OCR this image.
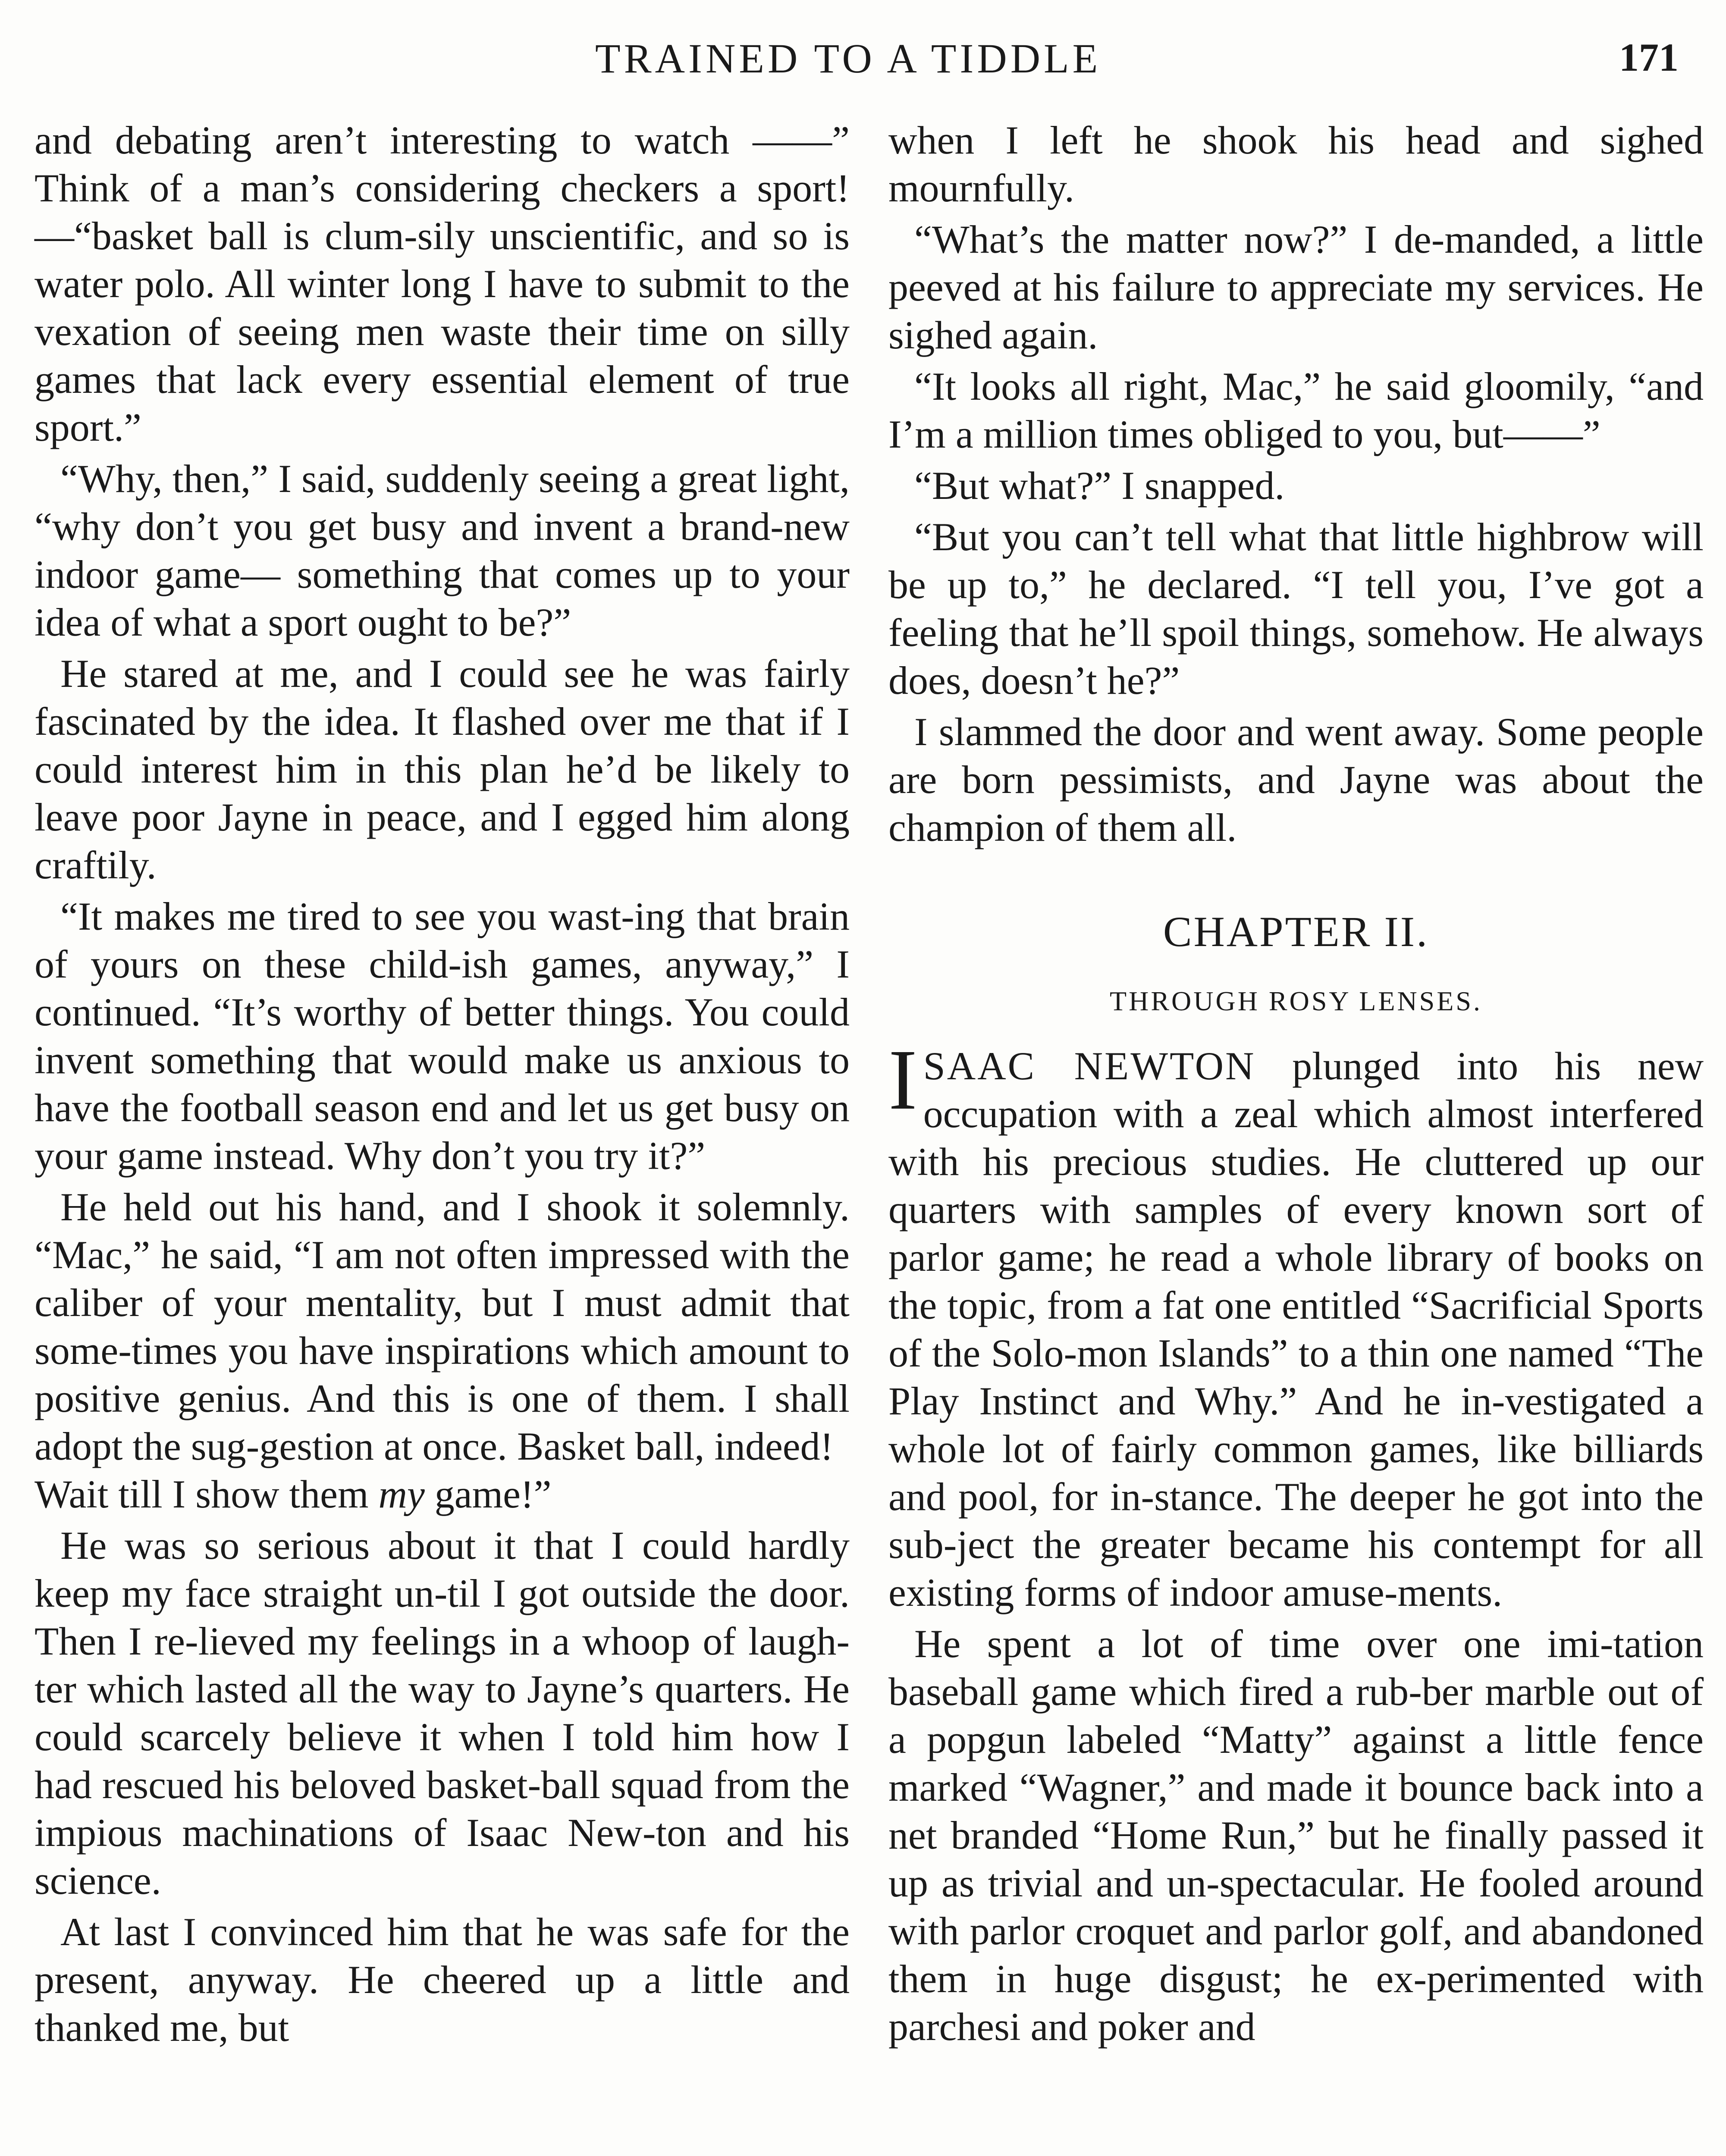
TRAINED TO A TIDDLE	171

and debating aren’t interesting to watch ——” Think of a man’s considering checkers a sport!—“basket ball is clum-sily unscientific, and so is water polo. All winter long I have to submit to the vexation of seeing men waste their time on silly games that lack every essential element of true sport.”

“Why, then,” I said, suddenly seeing a great light, “why don’t you get busy and invent a brand-new indoor game— something that comes up to your idea of what a sport ought to be?”

He stared at me, and I could see he was fairly fascinated by the idea. It flashed over me that if I could interest him in this plan he’d be likely to leave poor Jayne in peace, and I egged him along craftily.

“It makes me tired to see you wast-ing that brain of yours on these child-ish games, anyway,” I continued. “It’s worthy of better things. You could invent something that would make us anxious to have the football season end and let us get busy on your game instead. Why don’t you try it?”

He held out his hand, and I shook it solemnly. “Mac,” he said, “I am not often impressed with the caliber of your mentality, but I must admit that some-times you have inspirations which amount to positive genius. And this is one of them. I shall adopt the sug-gestion at once. Basket ball, indeed!

Wait till I show them my game!”

He was so serious about it that I could hardly keep my face straight un-til I got outside the door. Then I re-lieved my feelings in a whoop of laugh-ter which lasted all the way to Jayne’s quarters. He could scarcely believe it when I told him how I had rescued his beloved basket-ball squad from the impious machinations of Isaac New-ton and his science.

At last I convinced him that he was safe for the present, anyway. He cheered up a little and thanked me, but

when I left he shook his head and sighed mournfully.

“What’s the matter now?” I de-manded, a little peeved at his failure to appreciate my services. He sighed again.

“It looks all right, Mac,” he said gloomily, “and I’m a million times obliged to you, but——”

“But what?” I snapped.

“But you can’t tell what that little highbrow will be up to,” he declared. “I tell you, I’ve got a feeling that he’ll spoil things, somehow. He always does, doesn’t he?”

I slammed the door and went away. Some people are born pessimists, and Jayne was about the champion of them all.

CHAPTER II.
THROUGH ROSY LENSES.

ISAAC NEWTON plunged into his new occupation with a zeal which almost interfered with his precious studies. He cluttered up our quarters with samples of every known sort of parlor game; he read a whole library of books on the topic, from a fat one entitled “Sacrificial Sports of the Solo-mon Islands” to a thin one named “The Play Instinct and Why.” And he in-vestigated a whole lot of fairly common games, like billiards and pool, for in-stance. The deeper he got into the sub-ject the greater became his contempt for all existing forms of indoor amuse-ments.

He spent a lot of time over one imi-tation baseball game which fired a rub-ber marble out of a popgun labeled “Matty” against a little fence marked “Wagner,” and made it bounce back into a net branded “Home Run,” but he finally passed it up as trivial and un-spectacular. He fooled around with parlor croquet and parlor golf, and abandoned them in huge disgust; he ex-perimented with parchesi and poker and
